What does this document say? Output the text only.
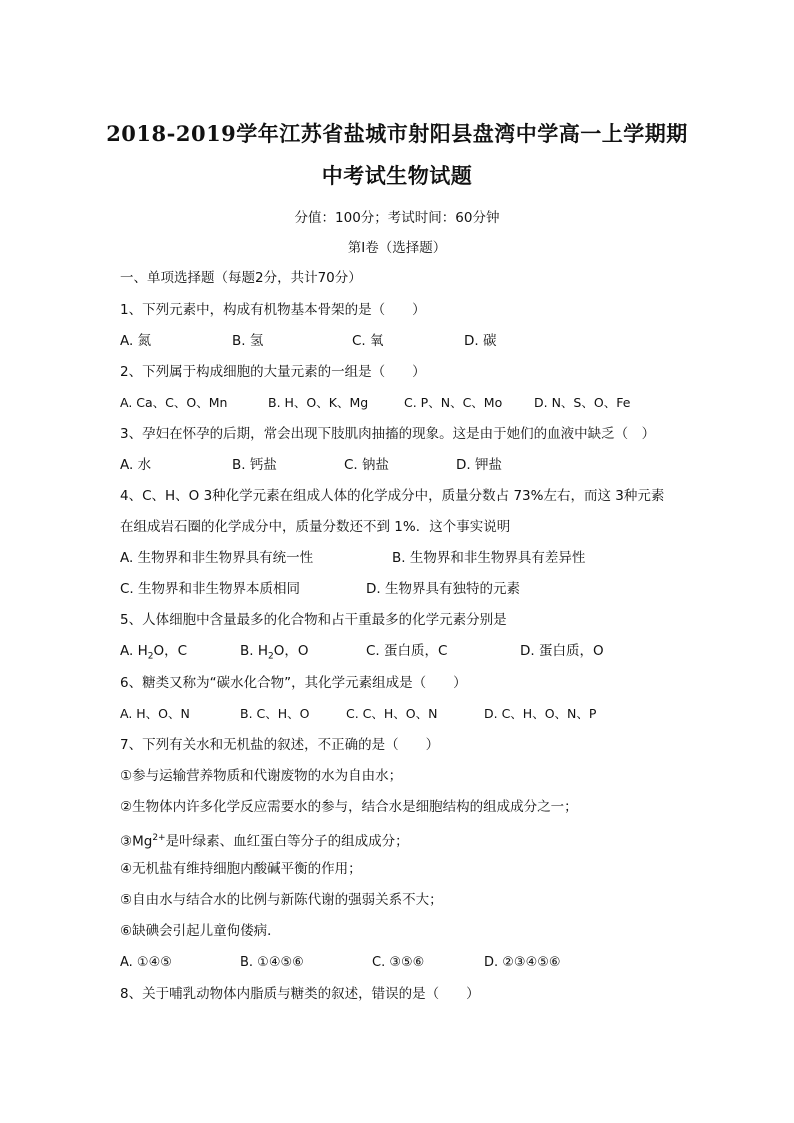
2018-2019学年江苏省盐城市射阳县盘湾中学高一上学期期
中考试生物试题
分值：100分；考试时间：60分钟
第Ⅰ卷（选择题）
一、单项选择题（每题2分，共计70分）
1、下列元素中，构成有机物基本骨架的是（　　）
A. 氮	B. 氢	C. 氧	D. 碳
2、下列属于构成细胞的大量元素的一组是（　　）
A. Ca、C、O、Mn	B. H、O、K、Mg	C. P、N、C、Mo	D. N、S、O、Fe
3、孕妇在怀孕的后期，常会出现下肢肌肉抽搐的现象。这是由于她们的血液中缺乏（　）
A. 水	B. 钙盐	C. 钠盐	D. 钾盐
4、C、H、O 3种化学元素在组成人体的化学成分中，质量分数占 73%左右，而这 3种元素
在组成岩石圈的化学成分中，质量分数还不到 1%．这个事实说明
A. 生物界和非生物界具有统一性	B. 生物界和非生物界具有差异性
C. 生物界和非生物界本质相同	D. 生物界具有独特的元素
5、人体细胞中含量最多的化合物和占干重最多的化学元素分别是
A. $H_2O$，C	B. $H_2O$，O	C. 蛋白质，C	D. 蛋白质，O
6、糖类又称为“碳水化合物”，其化学元素组成是（　　）
A. H、O、N	B. C、H、O	C. C、H、O、N	D. C、H、O、N、P
7、下列有关水和无机盐的叙述，不正确的是（　　）
①参与运输营养物质和代谢废物的水为自由水；
②生物体内许多化学反应需要水的参与，结合水是细胞结构的组成成分之一；
$③Mg^{2+}$是叶绿素、血红蛋白等分子的组成成分；
④无机盐有维持细胞内酸碱平衡的作用；
⑤自由水与结合水的比例与新陈代谢的强弱关系不大；
⑥缺碘会引起儿童佝偻病．
A. ①④⑤	B. ①④⑤⑥	C. ③⑤⑥	D. ②③④⑤⑥
8、关于哺乳动物体内脂质与糖类的叙述，错误的是（　　）
